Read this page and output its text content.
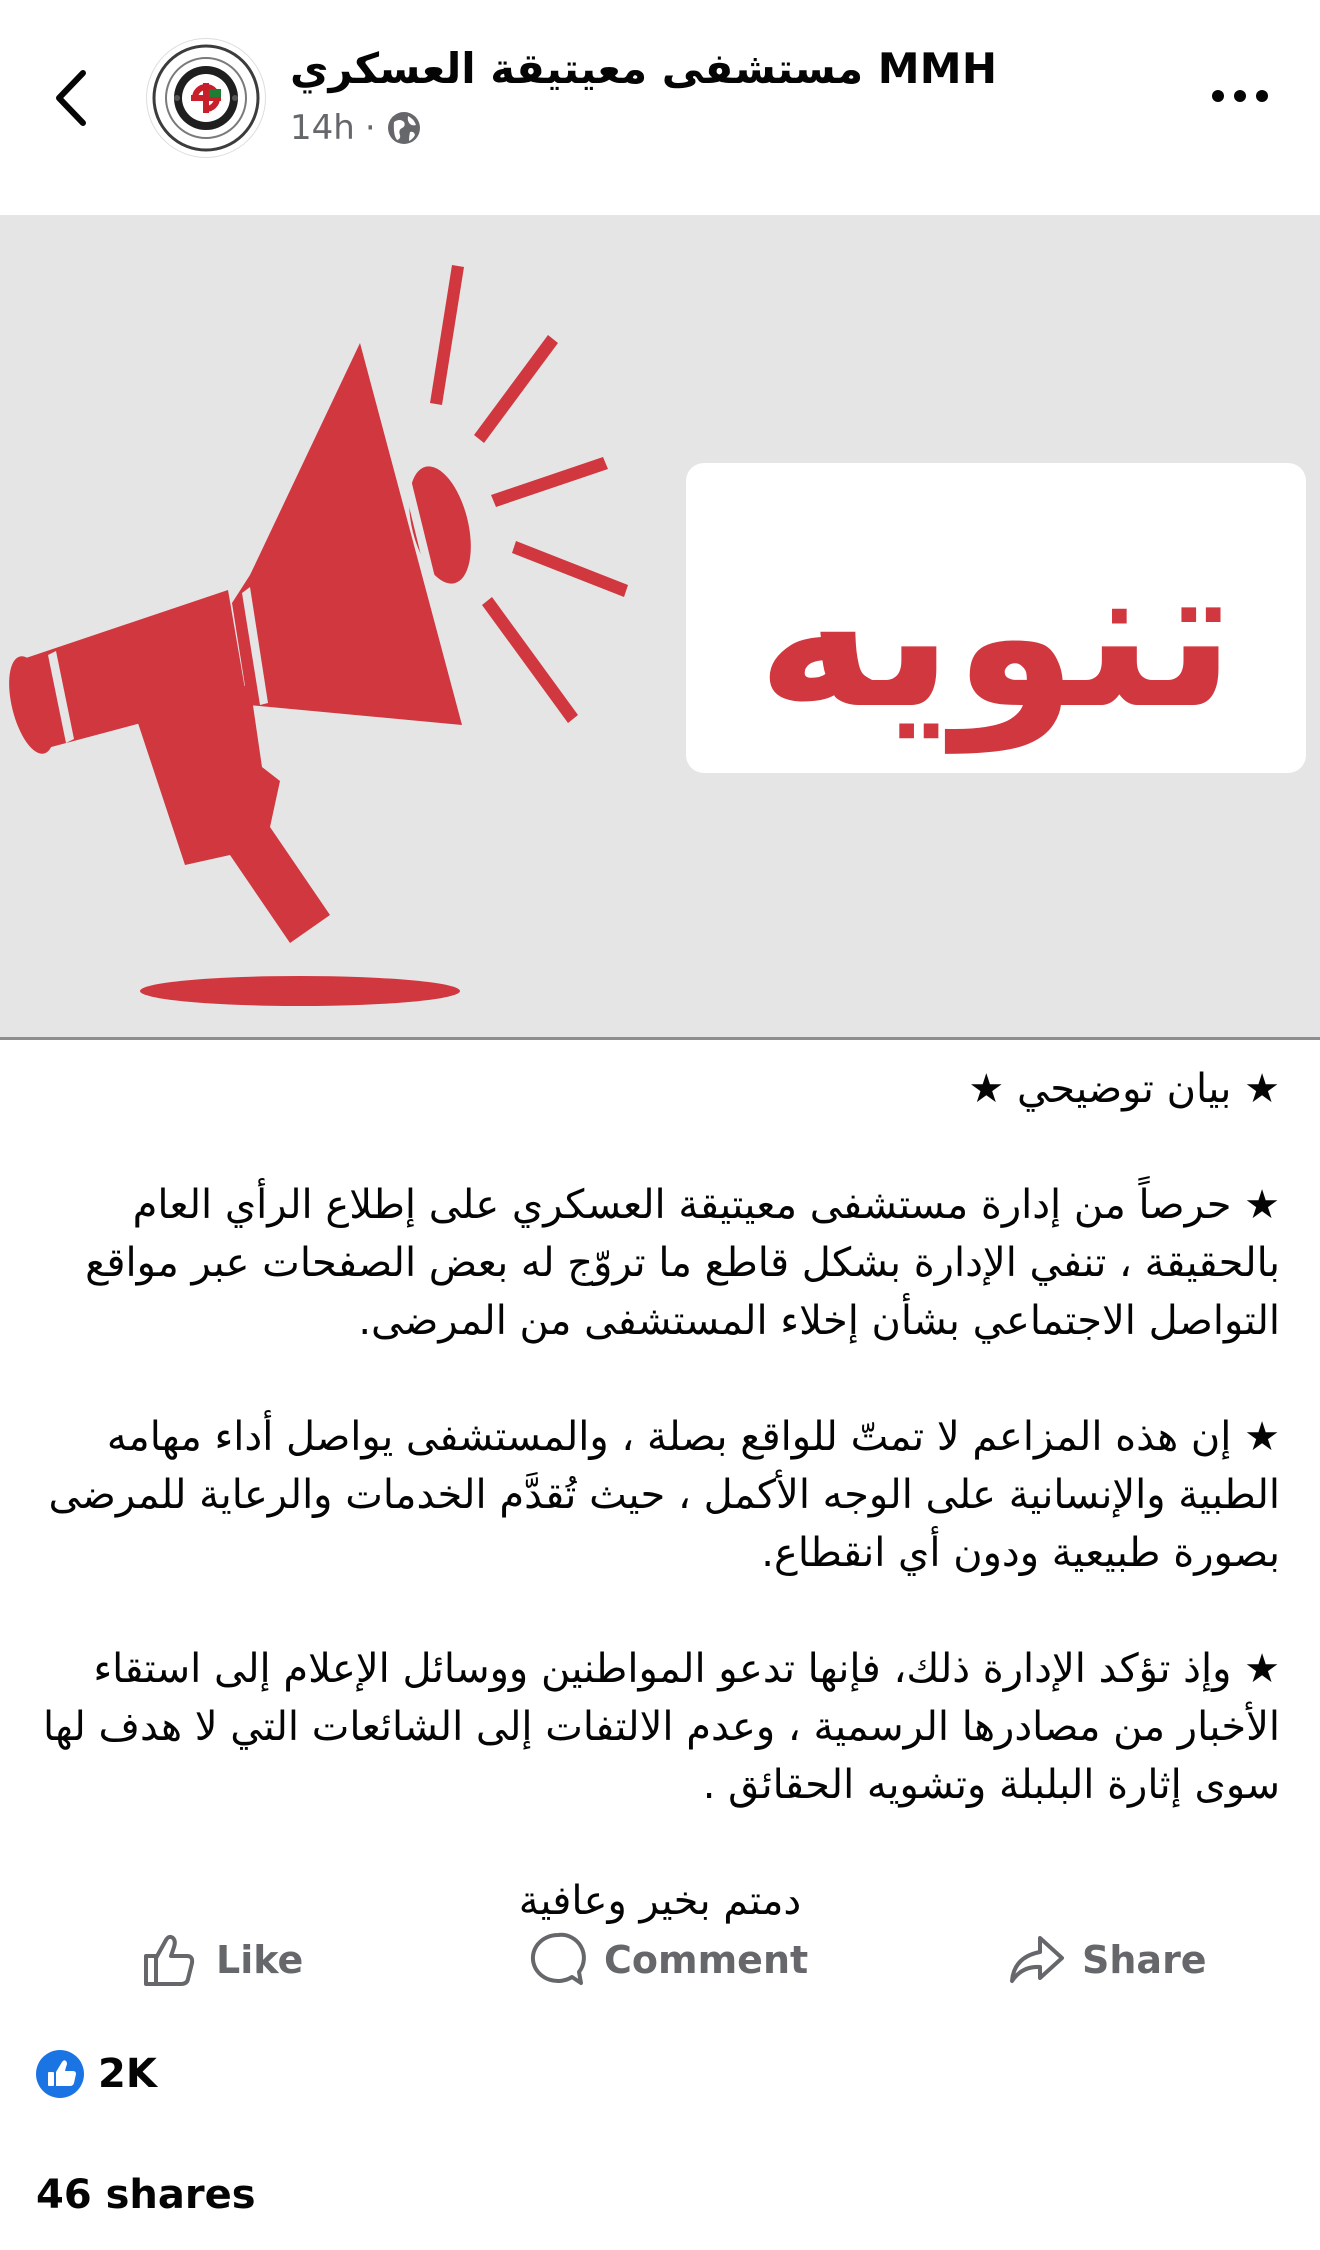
مستشفى معيتيقة العسكري MMH
14h ·
تنويه

★ بيان توضيحي ★

★ حرصاً من إدارة مستشفى معيتيقة العسكري على إطلاع الرأي العام بالحقيقة ، تنفي الإدارة بشكل قاطع ما تروّج له بعض الصفحات عبر مواقع التواصل الاجتماعي بشأن إخلاء المستشفى من المرضى.

★ إن هذه المزاعم لا تمتّ للواقع بصلة ، والمستشفى يواصل أداء مهامه الطبية والإنسانية على الوجه الأكمل ، حيث تُقدَّم الخدمات والرعاية للمرضى بصورة طبيعية ودون أي انقطاع.

★ وإذ تؤكد الإدارة ذلك، فإنها تدعو المواطنين ووسائل الإعلام إلى استقاء الأخبار من مصادرها الرسمية ، وعدم الالتفات إلى الشائعات التي لا هدف لها سوى إثارة البلبلة وتشويه الحقائق .

دمتم بخير وعافية

Like	Comment	Share
2K
46 shares
